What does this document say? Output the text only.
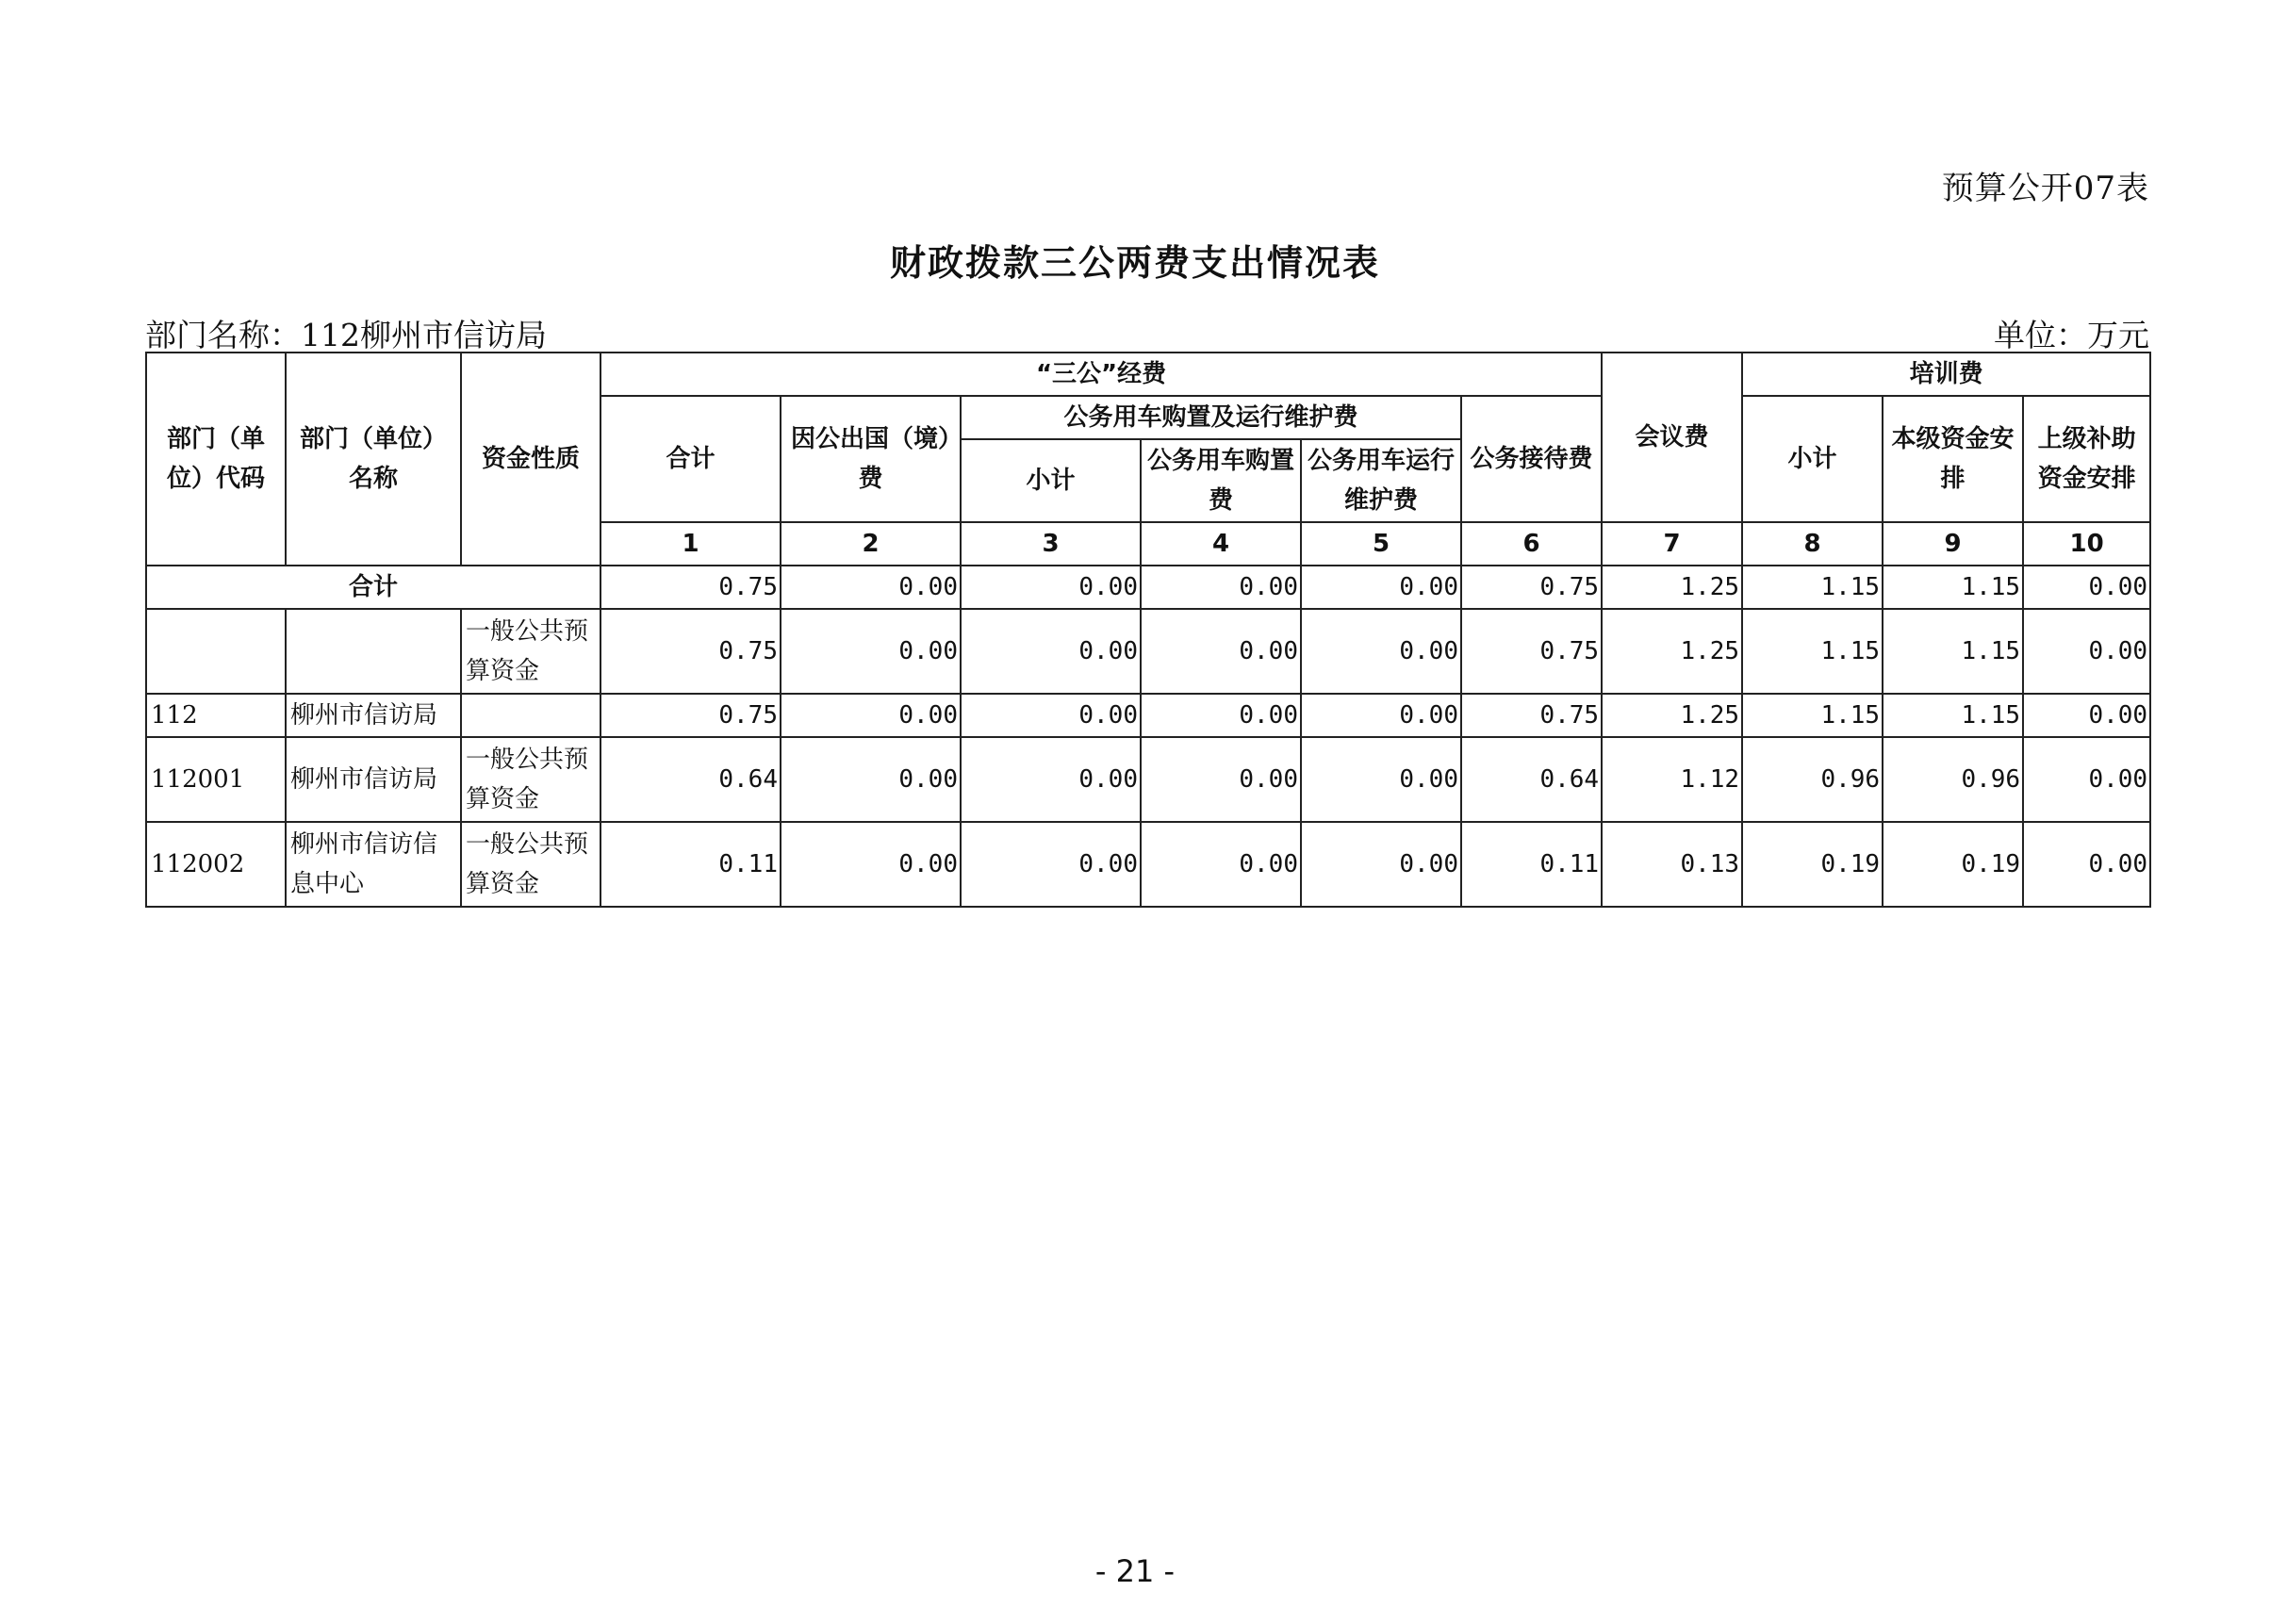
预算公开07表
财政拨款三公两费支出情况表
部门名称：112柳州市信访局	单位：万元
部门（单位）代码	部门（单位）名称	资金性质	“三公”经费						会议费	培训费		
			合计	因公出国（境）费	公务用车购置及运行维护费			公务接待费		小计	本级资金安排	上级补助资金安排
					小计	公务用车购置费	公务用车运行维护费					
			1	2	3	4	5	6	7	8	9	10
合计			0.75	0.00	0.00	0.00	0.00	0.75	1.25	1.15	1.15	0.00
		一般公共预算资金	0.75	0.00	0.00	0.00	0.00	0.75	1.25	1.15	1.15	0.00
112	柳州市信访局		0.75	0.00	0.00	0.00	0.00	0.75	1.25	1.15	1.15	0.00
112001	柳州市信访局	一般公共预算资金	0.64	0.00	0.00	0.00	0.00	0.64	1.12	0.96	0.96	0.00
112002	柳州市信访信息中心	一般公共预算资金	0.11	0.00	0.00	0.00	0.00	0.11	0.13	0.19	0.19	0.00
- 21 -
